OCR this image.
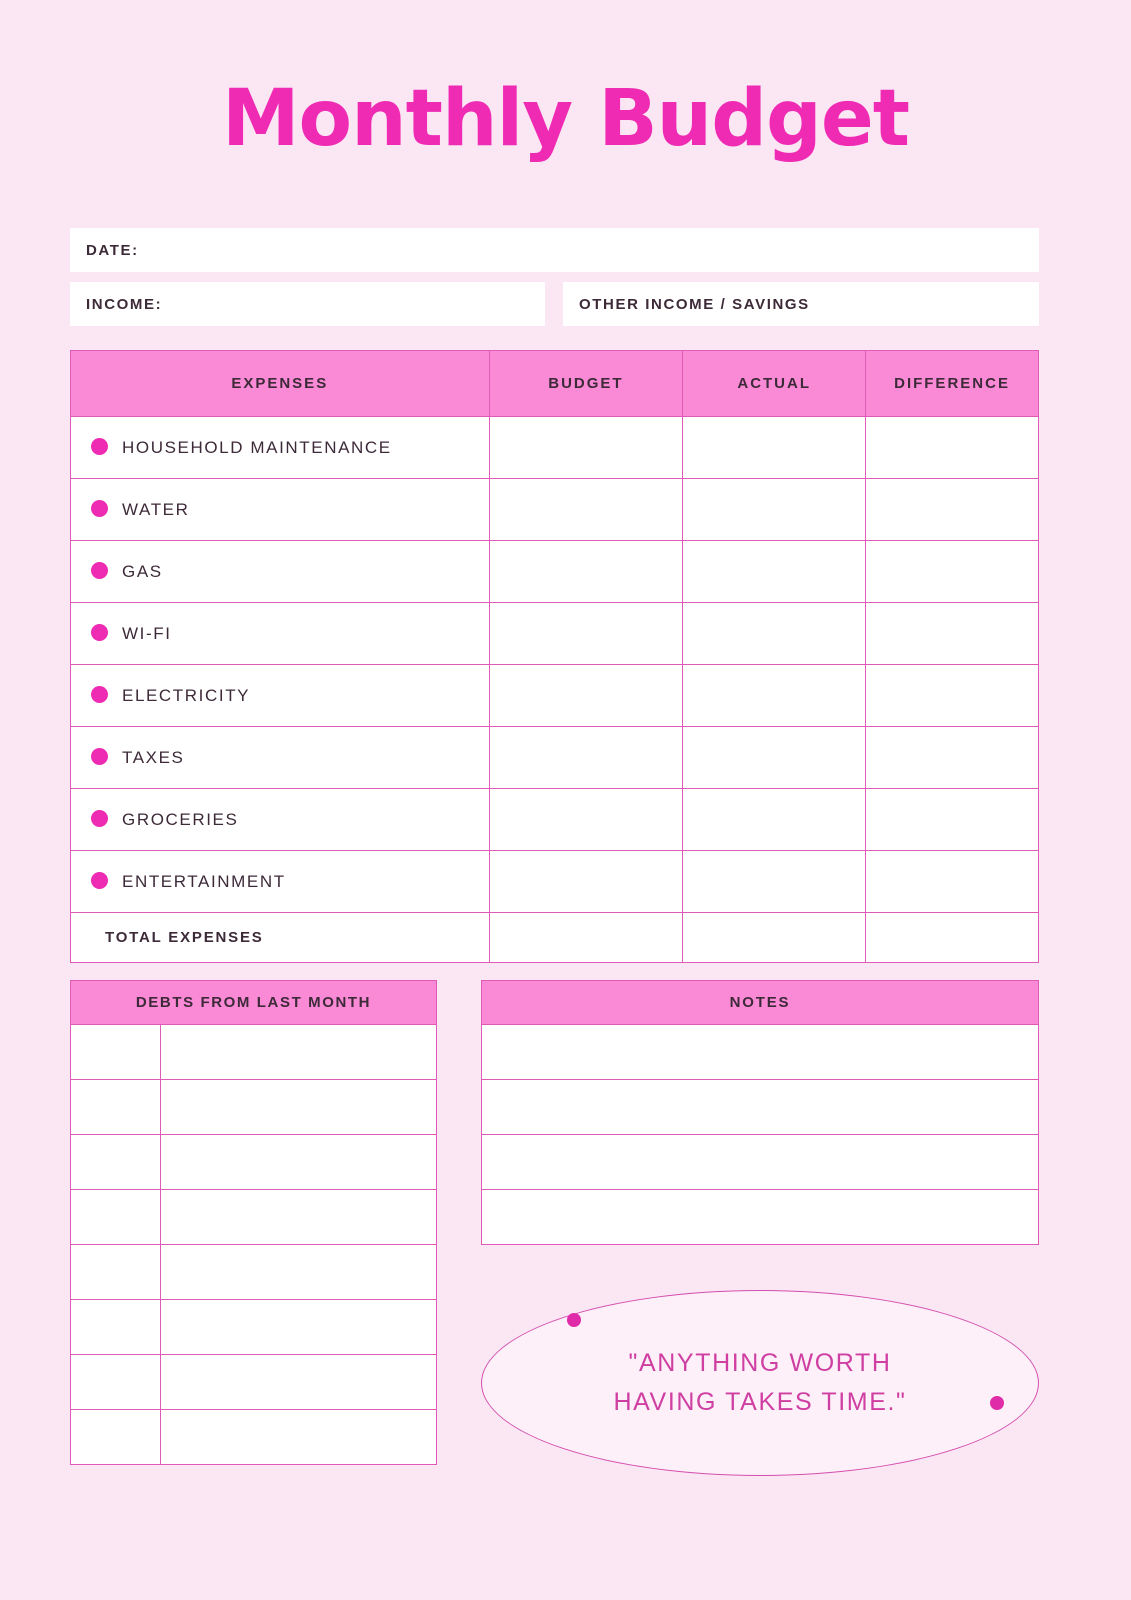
Monthly Budget
DATE:
INCOME:	OTHER INCOME / SAVINGS
EXPENSES	BUDGET	ACTUAL	DIFFERENCE
HOUSEHOLD MAINTENANCE			
WATER			
GAS			
WI-FI			
ELECTRICITY			
TAXES			
GROCERIES			
ENTERTAINMENT			
TOTAL EXPENSES			
DEBTS FROM LAST MONTH	

		NOTES

"ANYTHING WORTH
HAVING TAKES TIME."
